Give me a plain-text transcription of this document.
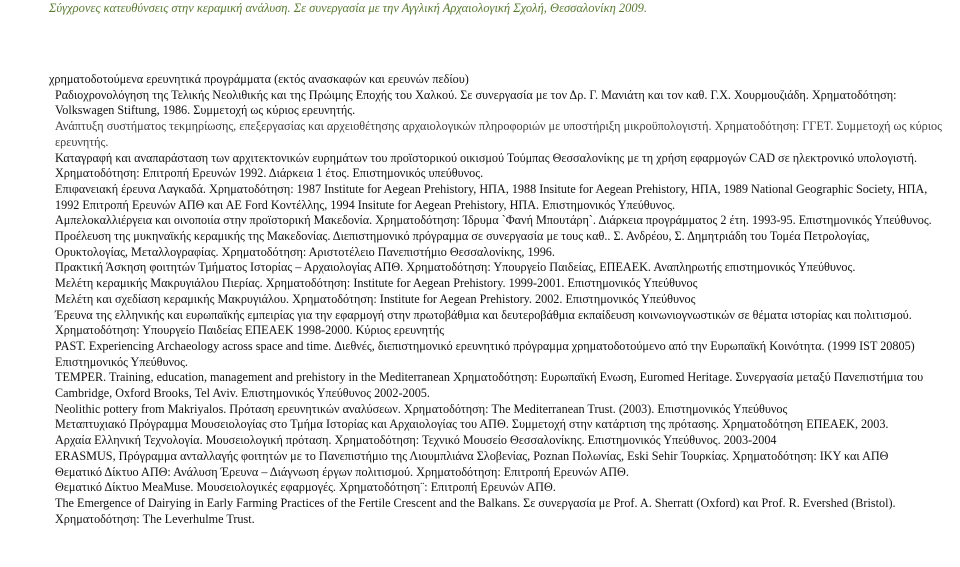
Σύγχρονες κατευθύνσεις στην κεραμική ανάλυση. Σε συνεργασία με την Αγγλική Αρχαιολογική Σχολή, Θεσσαλονίκη 2009.

χρηματοδοτούμενα ερευνητικά προγράμματα (εκτός ανασκαφών και ερευνών πεδίου)

Ραδιοχρονολόγηση της Τελικής Νεολιθικής και της Πρώιμης Εποχής του Χαλκού. Σε συνεργασία με τον Δρ. Γ. Μανιάτη και τον καθ. Γ.Χ. Χουρμουζιάδη. Χρηματοδότηση: Volkswagen Stiftung, 1986. Συμμετοχή ως κύριος ερευνητής.

Ανάπτυξη συστήματος τεκμηρίωσης, επεξεργασίας και αρχειοθέτησης αρχαιολογικών πληροφοριών με υποστήριξη μικροϋπολογιστή. Χρηματοδότηση: ΓΓΕΤ. Συμμετοχή ως κύριος ερευνητής.

Καταγραφή και αναπαράσταση των αρχιτεκτονικών ευρημάτων του προϊστορικού οικισμού Τούμπας Θεσσαλονίκης με τη χρήση εφαρμογών CAD σε ηλεκτρονικό υπολογιστή. Χρηματοδότηση: Επιτροπή Ερευνών 1992. Διάρκεια 1 έτος. Επιστημονικός υπεύθυνος.

Επιφανειακή έρευνα Λαγκαδά. Χρηματοδότηση: 1987 Institute for Aegean Prehistory, ΗΠΑ, 1988 Insitute for Aegean Prehistory, ΗΠΑ, 1989 National Geographic Society, ΗΠΑ, 1992 Επιτροπή Ερευνών ΑΠΘ και ΑΕ Ford Κοντέλλης, 1994 Insitute for Aegean Prehistory, ΗΠΑ. Επιστημονικός Υπεύθυνος.

Αμπελοκαλλιέργεια και οινοποιία στην προϊστορική Μακεδονία. Χρηματοδότηση: Ίδρυμα `Φανή Μπουτάρη`. Διάρκεια προγράμματος 2 έτη. 1993-95. Επιστημονικός Υπεύθυνος.

Προέλευση της μυκηναϊκής κεραμικής της Μακεδονίας. Διεπιστημονικό πρόγραμμα σε συνεργασία με τους καθ.. Σ. Ανδρέου, Σ. Δημητριάδη του Τομέα Πετρολογίας, Ορυκτολογίας, Μεταλλογραφίας. Χρηματοδότηση: Αριστοτέλειο Πανεπιστήμιο Θεσσαλονίκης, 1996.

Πρακτική Άσκηση φοιτητών Τμήματος Ιστορίας – Αρχαιολογίας ΑΠΘ. Χρηματοδότηση: Υπουργείο Παιδείας, ΕΠΕΑΕΚ. Αναπληρωτής επιστημονικός Υπεύθυνος.

Μελέτη κεραμικής Μακρυγιάλου Πιερίας. Χρηματοδότηση: Institute for Aegean Prehistory. 1999-2001. Επιστημονικός Υπεύθυνος

Μελέτη και σχεδίαση κεραμικής Μακρυγιάλου. Χρηματοδότηση: Institute for Aegean Prehistory. 2002. Επιστημονικός Υπεύθυνος

Έρευνα της ελληνικής και ευρωπαϊκής εμπειρίας για την εφαρμογή στην πρωτοβάθμια και δευτεροβάθμια εκπαίδευση κοινωνιογνωστικών σε θέματα ιστορίας και πολιτισμού. Χρηματοδότηση: Υπουργείο Παιδείας ΕΠΕΑΕΚ 1998-2000. Κύριος ερευνητής

PAST. Experiencing Archaeology across space and time. Διεθνές, διεπιστημονικό ερευνητικό πρόγραμμα χρηματοδοτούμενο από την Ευρωπαϊκή Κοινότητα. (1999 IST 20805) Επιστημονικός Υπεύθυνος.

TEMPER. Training, education, management and prehistory in the Mediterranean Χρηματοδότηση: Ευρωπαϊκή Ενωση, Euromed Heritage. Συνεργασία μεταξύ Πανεπιστήμια του Cambridge, Oxford Brooks, Tel Aviv. Επιστημονικός Υπεύθυνος 2002-2005.

Neolithic pottery from Makriyalos. Πρόταση ερευνητικών αναλύσεων. Χρηματοδότηση: The Mediterranean Trust. (2003). Επιστημονικός Υπεύθυνος

Μεταπτυχιακό Πρόγραμμα Μουσειολογίας στο Τμήμα Ιστορίας και Αρχαιολογίας του ΑΠΘ. Συμμετοχή στην κατάρτιση της πρότασης. Χρηματοδότηση ΕΠΕΑΕΚ, 2003.

Αρχαία Ελληνική Τεχνολογία. Μουσειολογική πρόταση. Χρηματοδότηση: Τεχνικό Μουσείο Θεσσαλονίκης. Επιστημονικός Υπεύθυνος. 2003-2004

ERASMUS, Πρόγραμμα ανταλλαγής φοιτητών με το Πανεπιστήμιο της Λιουμπλιάνα Σλοβενίας, Poznan Πολωνίας, Eski Sehir Τουρκίας. Χρηματοδότηση: ΙΚΥ και ΑΠΘ

Θεματικό Δίκτυο ΑΠΘ: Ανάλυση Έρευνα – Διάγνωση έργων πολιτισμού. Χρηματοδότηση: Επιτροπή Ερευνών ΑΠΘ.

Θεματικό Δίκτυο MeaMuse. Μουσειολογικές εφαρμογές. Χρηματοδότηση¨: Επιτροπή Ερευνών ΑΠΘ.

The Emergence of Dairying in Early Farming Practices of the Fertile Crescent and the Balkans. Σε συνεργασία με Prof. A. Sherratt (Oxford) και Prof. R. Evershed (Bristol). Χρηματοδότηση: The Leverhulme Trust.
